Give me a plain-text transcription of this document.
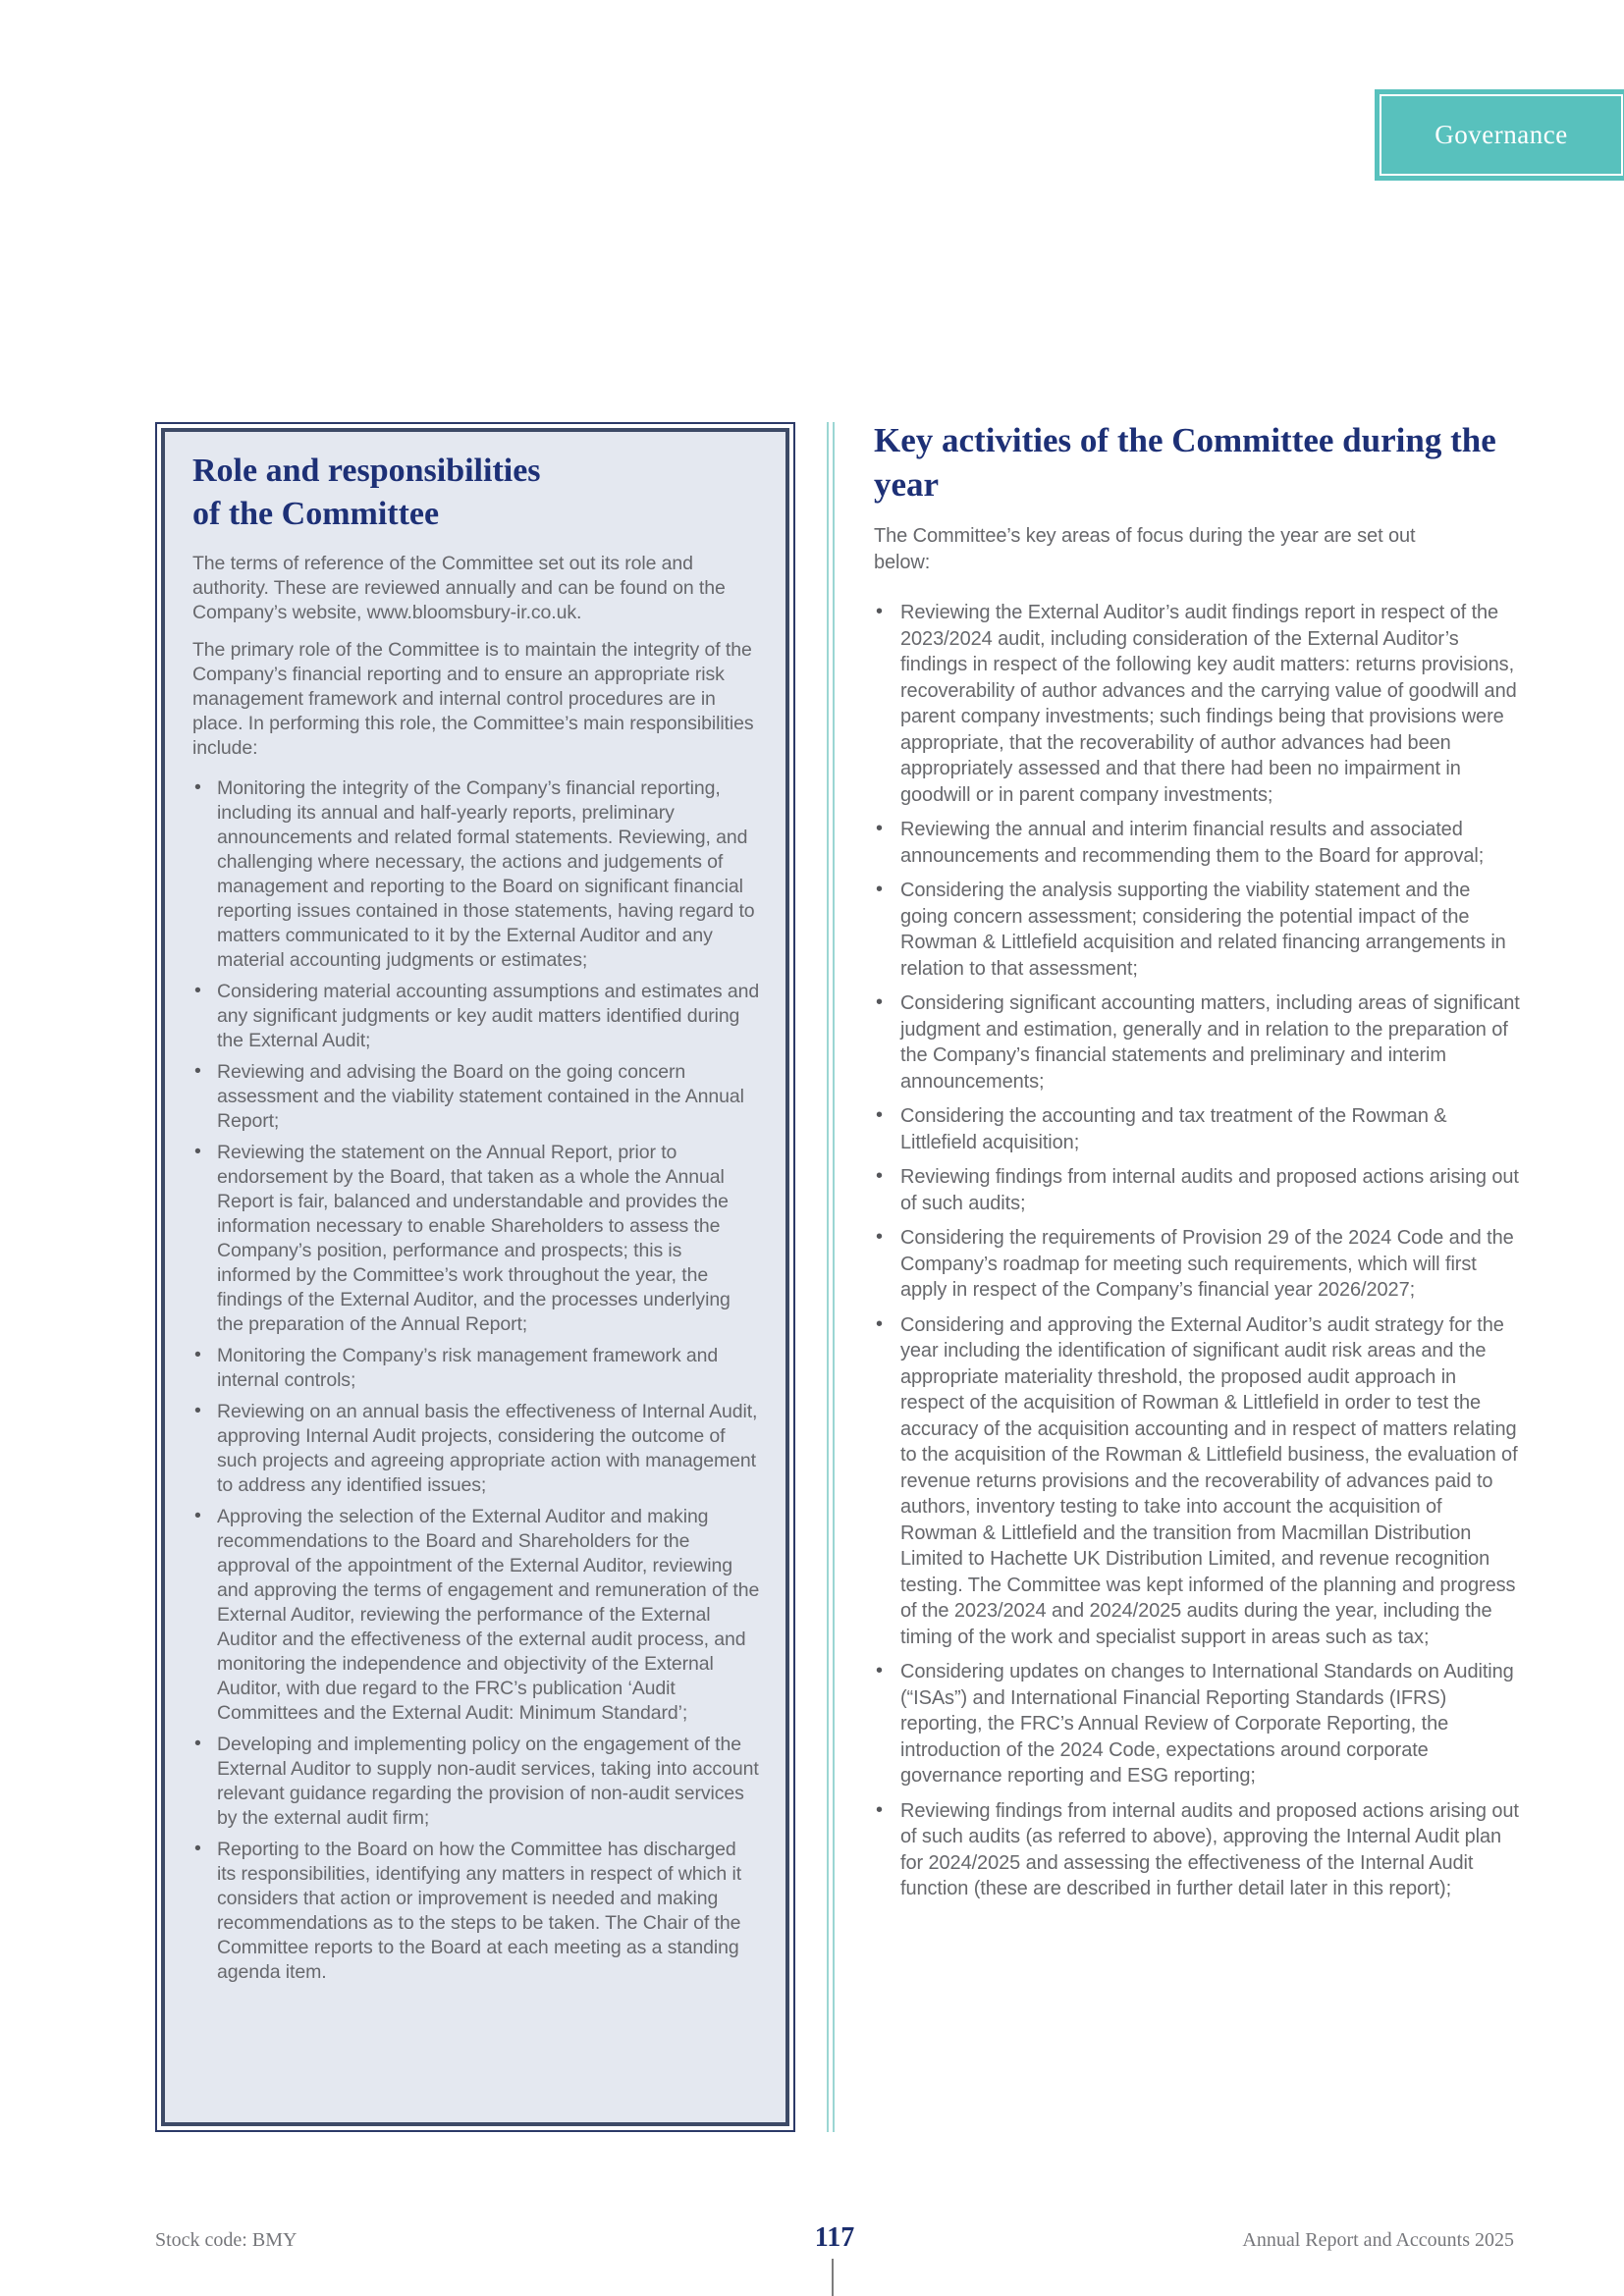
Governance
Role and responsibilities
of the Committee

The terms of reference of the Committee set out its role and authority. These are reviewed annually and can be found on the Company’s website, www.bloomsbury-ir.co.uk.

The primary role of the Committee is to maintain the integrity of the Company’s financial reporting and to ensure an appropriate risk management framework and internal control procedures are in place. In performing this role, the Committee’s main responsibilities include:

• Monitoring the integrity of the Company’s financial reporting, including its annual and half-yearly reports, preliminary announcements and related formal statements. Reviewing, and challenging where necessary, the actions and judgements of management and reporting to the Board on significant financial reporting issues contained in those statements, having regard to matters communicated to it by the External Auditor and any material accounting judgments or estimates;
• Considering material accounting assumptions and estimates and any significant judgments or key audit matters identified during the External Audit;
• Reviewing and advising the Board on the going concern assessment and the viability statement contained in the Annual Report;
• Reviewing the statement on the Annual Report, prior to endorsement by the Board, that taken as a whole the Annual Report is fair, balanced and understandable and provides the information necessary to enable Shareholders to assess the Company’s position, performance and prospects; this is informed by the Committee’s work throughout the year, the findings of the External Auditor, and the processes underlying the preparation of the Annual Report;
• Monitoring the Company’s risk management framework and internal controls;
• Reviewing on an annual basis the effectiveness of Internal Audit, approving Internal Audit projects, considering the outcome of such projects and agreeing appropriate action with management to address any identified issues;
• Approving the selection of the External Auditor and making recommendations to the Board and Shareholders for the approval of the appointment of the External Auditor, reviewing and approving the terms of engagement and remuneration of the External Auditor, reviewing the performance of the External Auditor and the effectiveness of the external audit process, and monitoring the independence and objectivity of the External Auditor, with due regard to the FRC’s publication ‘Audit Committees and the External Audit: Minimum Standard’;
• Developing and implementing policy on the engagement of the External Auditor to supply non-audit services, taking into account relevant guidance regarding the provision of non-audit services by the external audit firm;
• Reporting to the Board on how the Committee has discharged its responsibilities, identifying any matters in respect of which it considers that action or improvement is needed and making recommendations as to the steps to be taken. The Chair of the Committee reports to the Board at each meeting as a standing agenda item.
Key activities of the Committee during the
year

The Committee’s key areas of focus during the year are set out below:

• Reviewing the External Auditor’s audit findings report in respect of the 2023/2024 audit, including consideration of the External Auditor’s findings in respect of the following key audit matters: returns provisions, recoverability of author advances and the carrying value of goodwill and parent company investments; such findings being that provisions were appropriate, that the recoverability of author advances had been appropriately assessed and that there had been no impairment in goodwill or in parent company investments;
• Reviewing the annual and interim financial results and associated announcements and recommending them to the Board for approval;
• Considering the analysis supporting the viability statement and the going concern assessment; considering the potential impact of the Rowman & Littlefield acquisition and related financing arrangements in relation to that assessment;
• Considering significant accounting matters, including areas of significant judgment and estimation, generally and in relation to the preparation of the Company’s financial statements and preliminary and interim announcements;
• Considering the accounting and tax treatment of the Rowman & Littlefield acquisition;
• Reviewing findings from internal audits and proposed actions arising out of such audits;
• Considering the requirements of Provision 29 of the 2024 Code and the Company’s roadmap for meeting such requirements, which will first apply in respect of the Company’s financial year 2026/2027;
• Considering and approving the External Auditor’s audit strategy for the year including the identification of significant audit risk areas and the appropriate materiality threshold, the proposed audit approach in respect of the acquisition of Rowman & Littlefield in order to test the accuracy of the acquisition accounting and in respect of matters relating to the acquisition of the Rowman & Littlefield business, the evaluation of revenue returns provisions and the recoverability of advances paid to authors, inventory testing to take into account the acquisition of Rowman & Littlefield and the transition from Macmillan Distribution Limited to Hachette UK Distribution Limited, and revenue recognition testing. The Committee was kept informed of the planning and progress of the 2023/2024 and 2024/2025 audits during the year, including the timing of the work and specialist support in areas such as tax;
• Considering updates on changes to International Standards on Auditing (“ISAs”) and International Financial Reporting Standards (IFRS) reporting, the FRC’s Annual Review of Corporate Reporting, the introduction of the 2024 Code, expectations around corporate governance reporting and ESG reporting;
• Reviewing findings from internal audits and proposed actions arising out of such audits (as referred to above), approving the Internal Audit plan for 2024/2025 and assessing the effectiveness of the Internal Audit function (these are described in further detail later in this report);
Stock code: BMY	117	Annual Report and Accounts 2025
